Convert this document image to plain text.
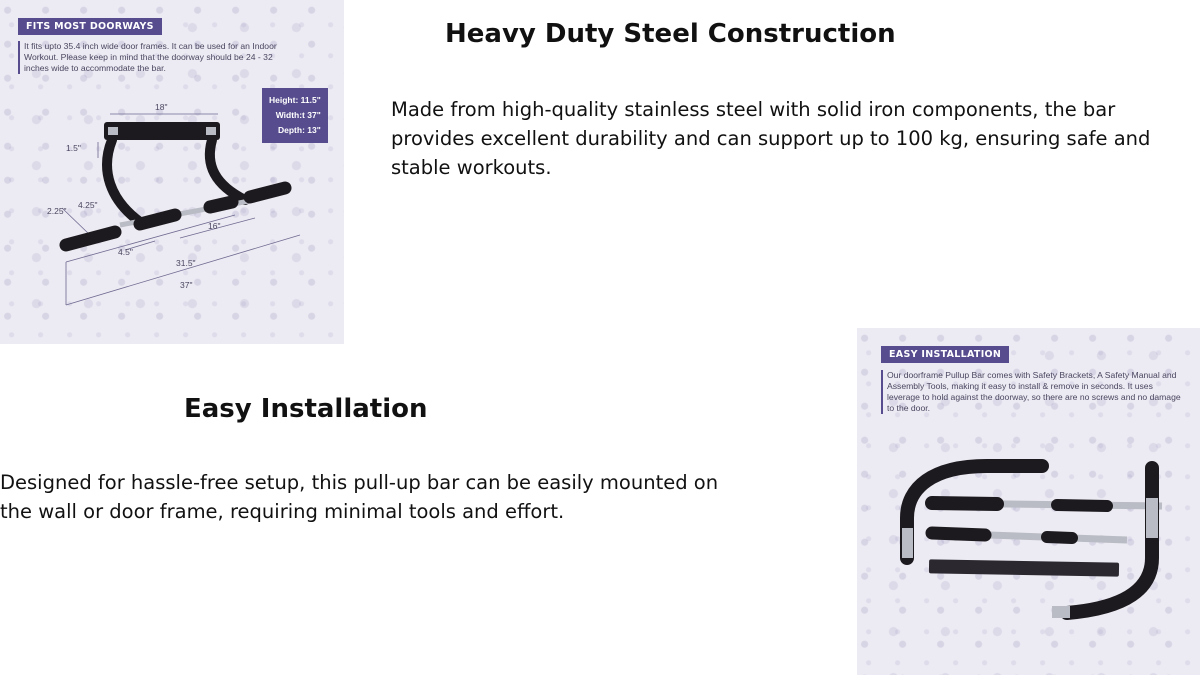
FITS MOST DOORWAYS
It fits upto 35.4 inch wide door frames. It can be used for an Indoor Workout. Please keep in mind that the doorway should be 24 - 32 inches wide to accommodate the bar.
Height: 11.5"
Width:t 37"
Depth: 13"
18"
1.5"
2.25"
4.25"
16"
4.5"
31.5"
37"
Heavy Duty Steel Construction
Made from high-quality stainless steel with solid iron components, the bar provides excellent durability and can support up to 100 kg, ensuring safe and stable workouts.
Easy Installation
Designed for hassle-free setup, this pull-up bar can be easily mounted on the wall or door frame, requiring minimal tools and effort.
EASY INSTALLATION
Our doorframe Pullup Bar comes with Safety Brackets, A Safety Manual and Assembly Tools, making it easy to install & remove in seconds. It uses leverage to hold against the doorway, so there are no screws and no damage to the door.
